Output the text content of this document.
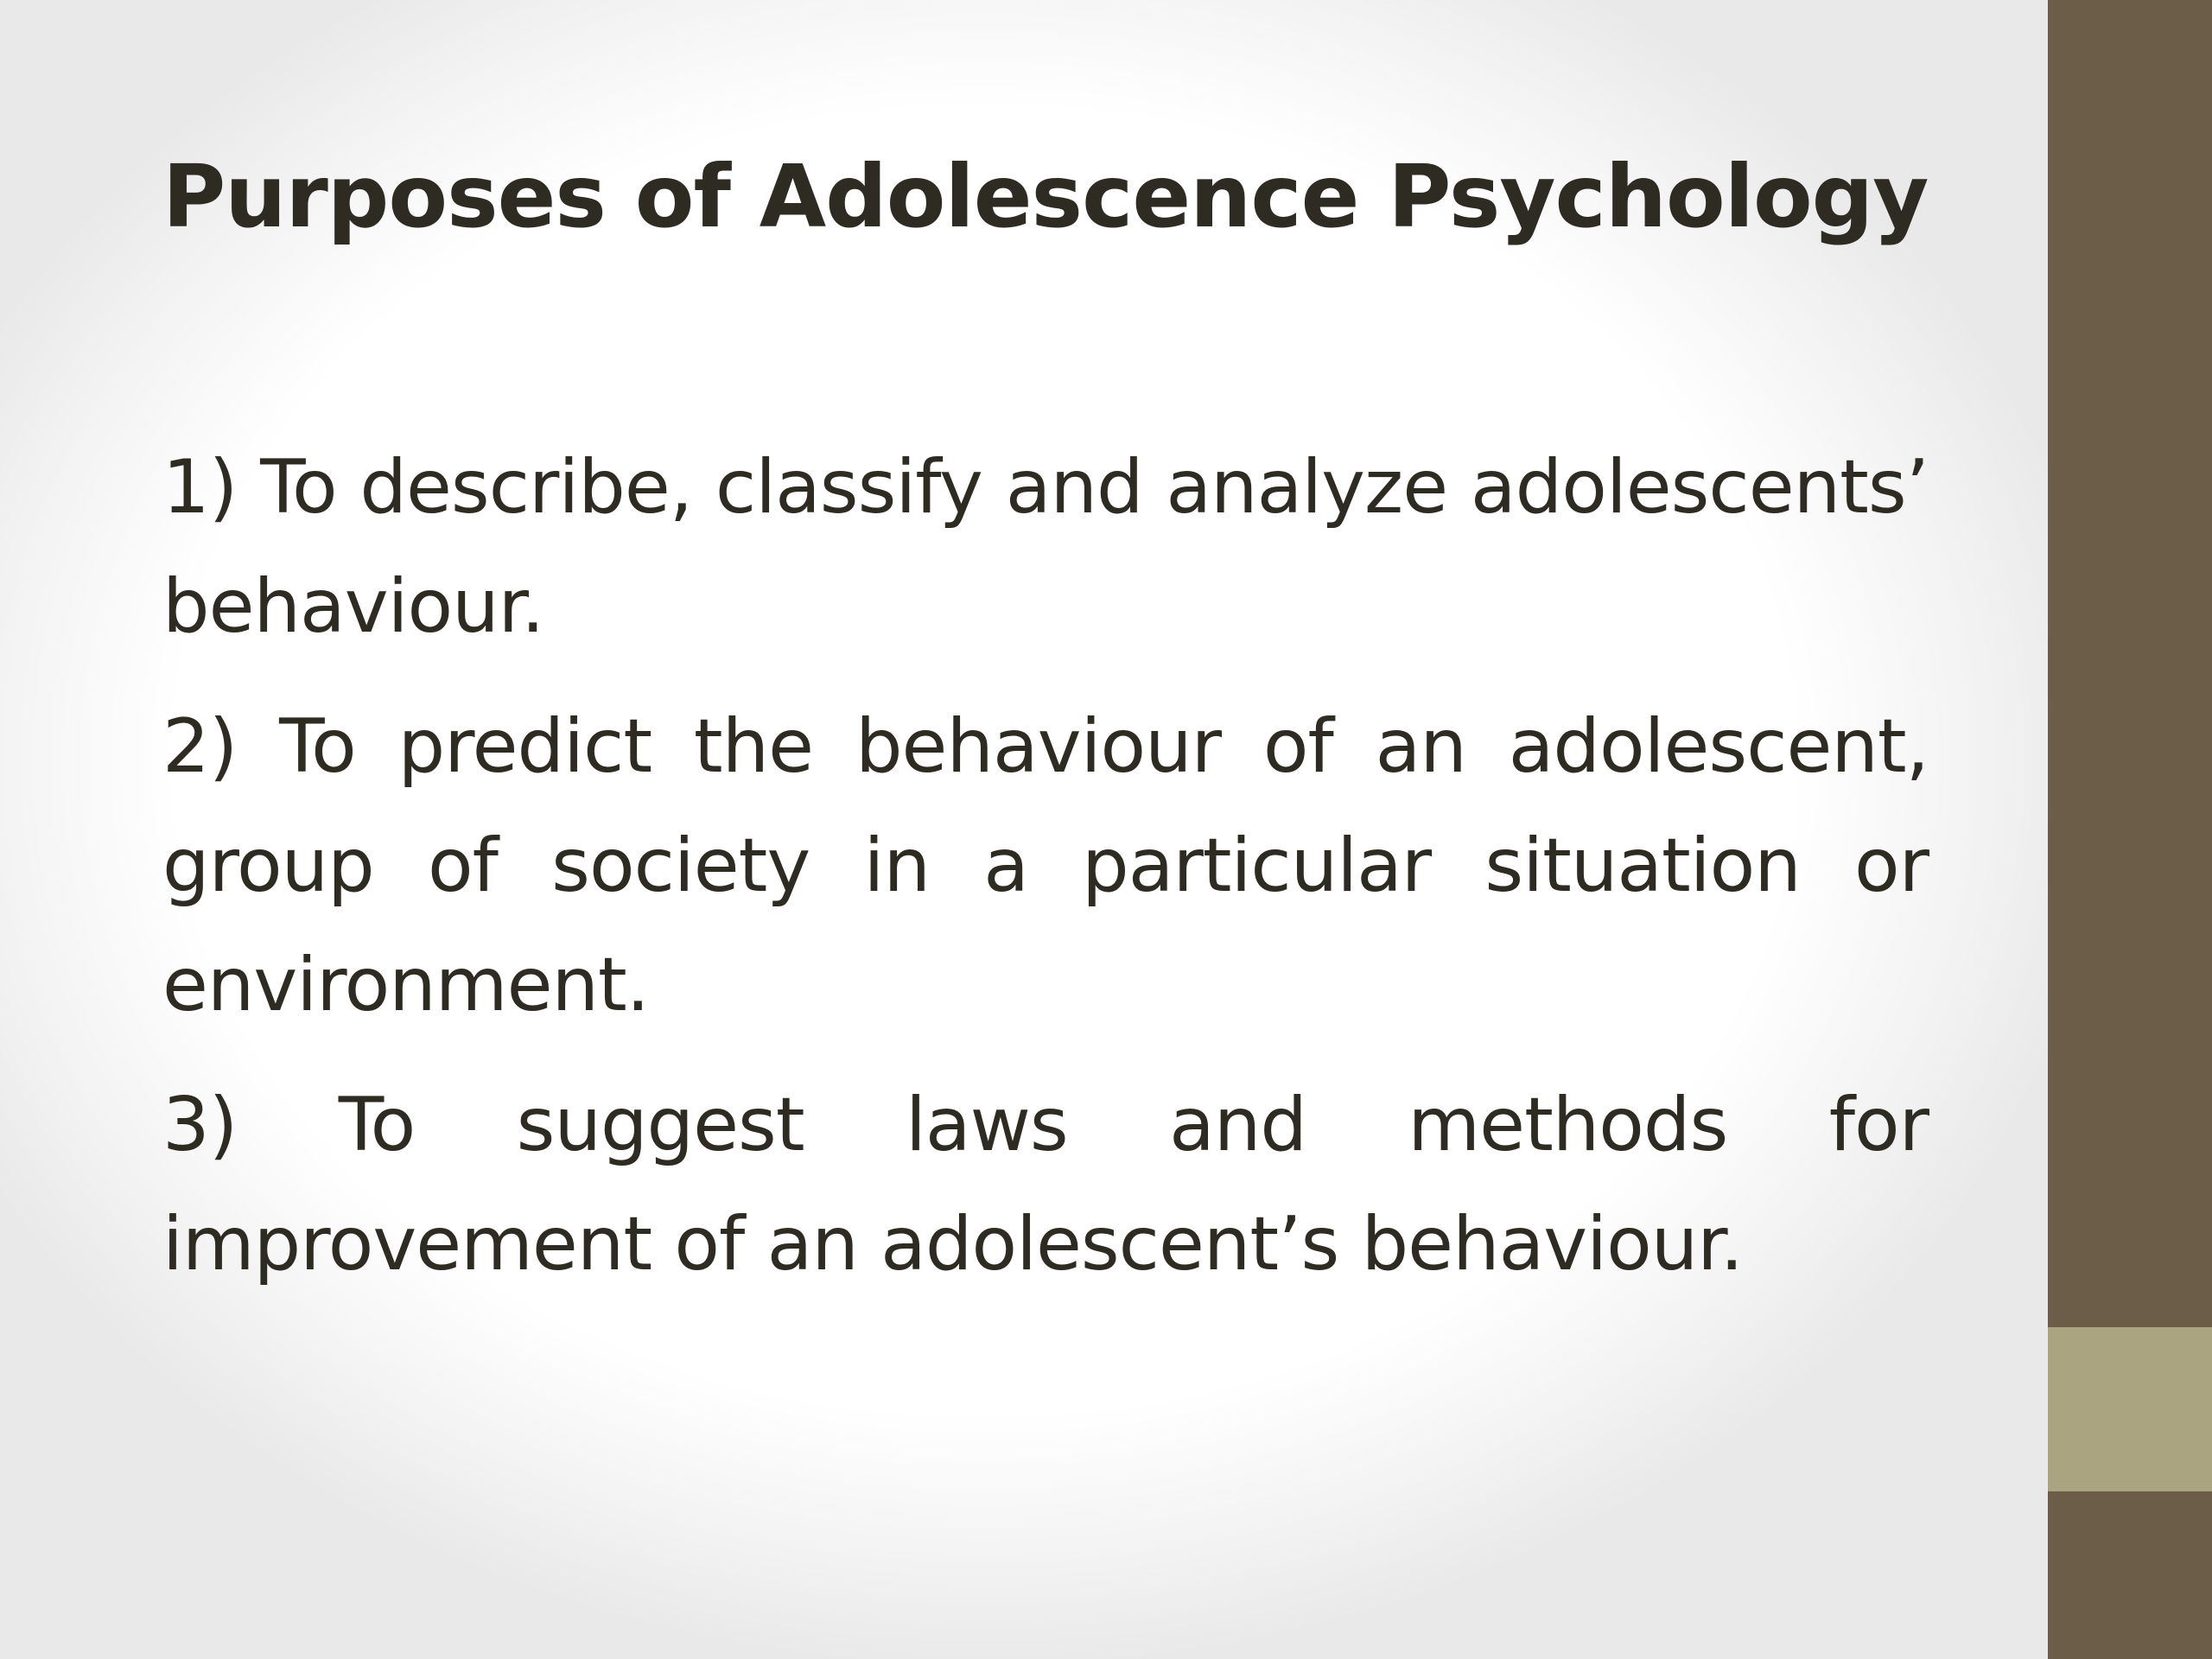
Purposes of Adolescence Psychology

1) To describe, classify and analyze adolescents’ behaviour.

2) To predict the behaviour of an adolescent, group of society in a particular situation or environment.

3) To suggest laws and methods for improvement of an adolescent’s behaviour.
